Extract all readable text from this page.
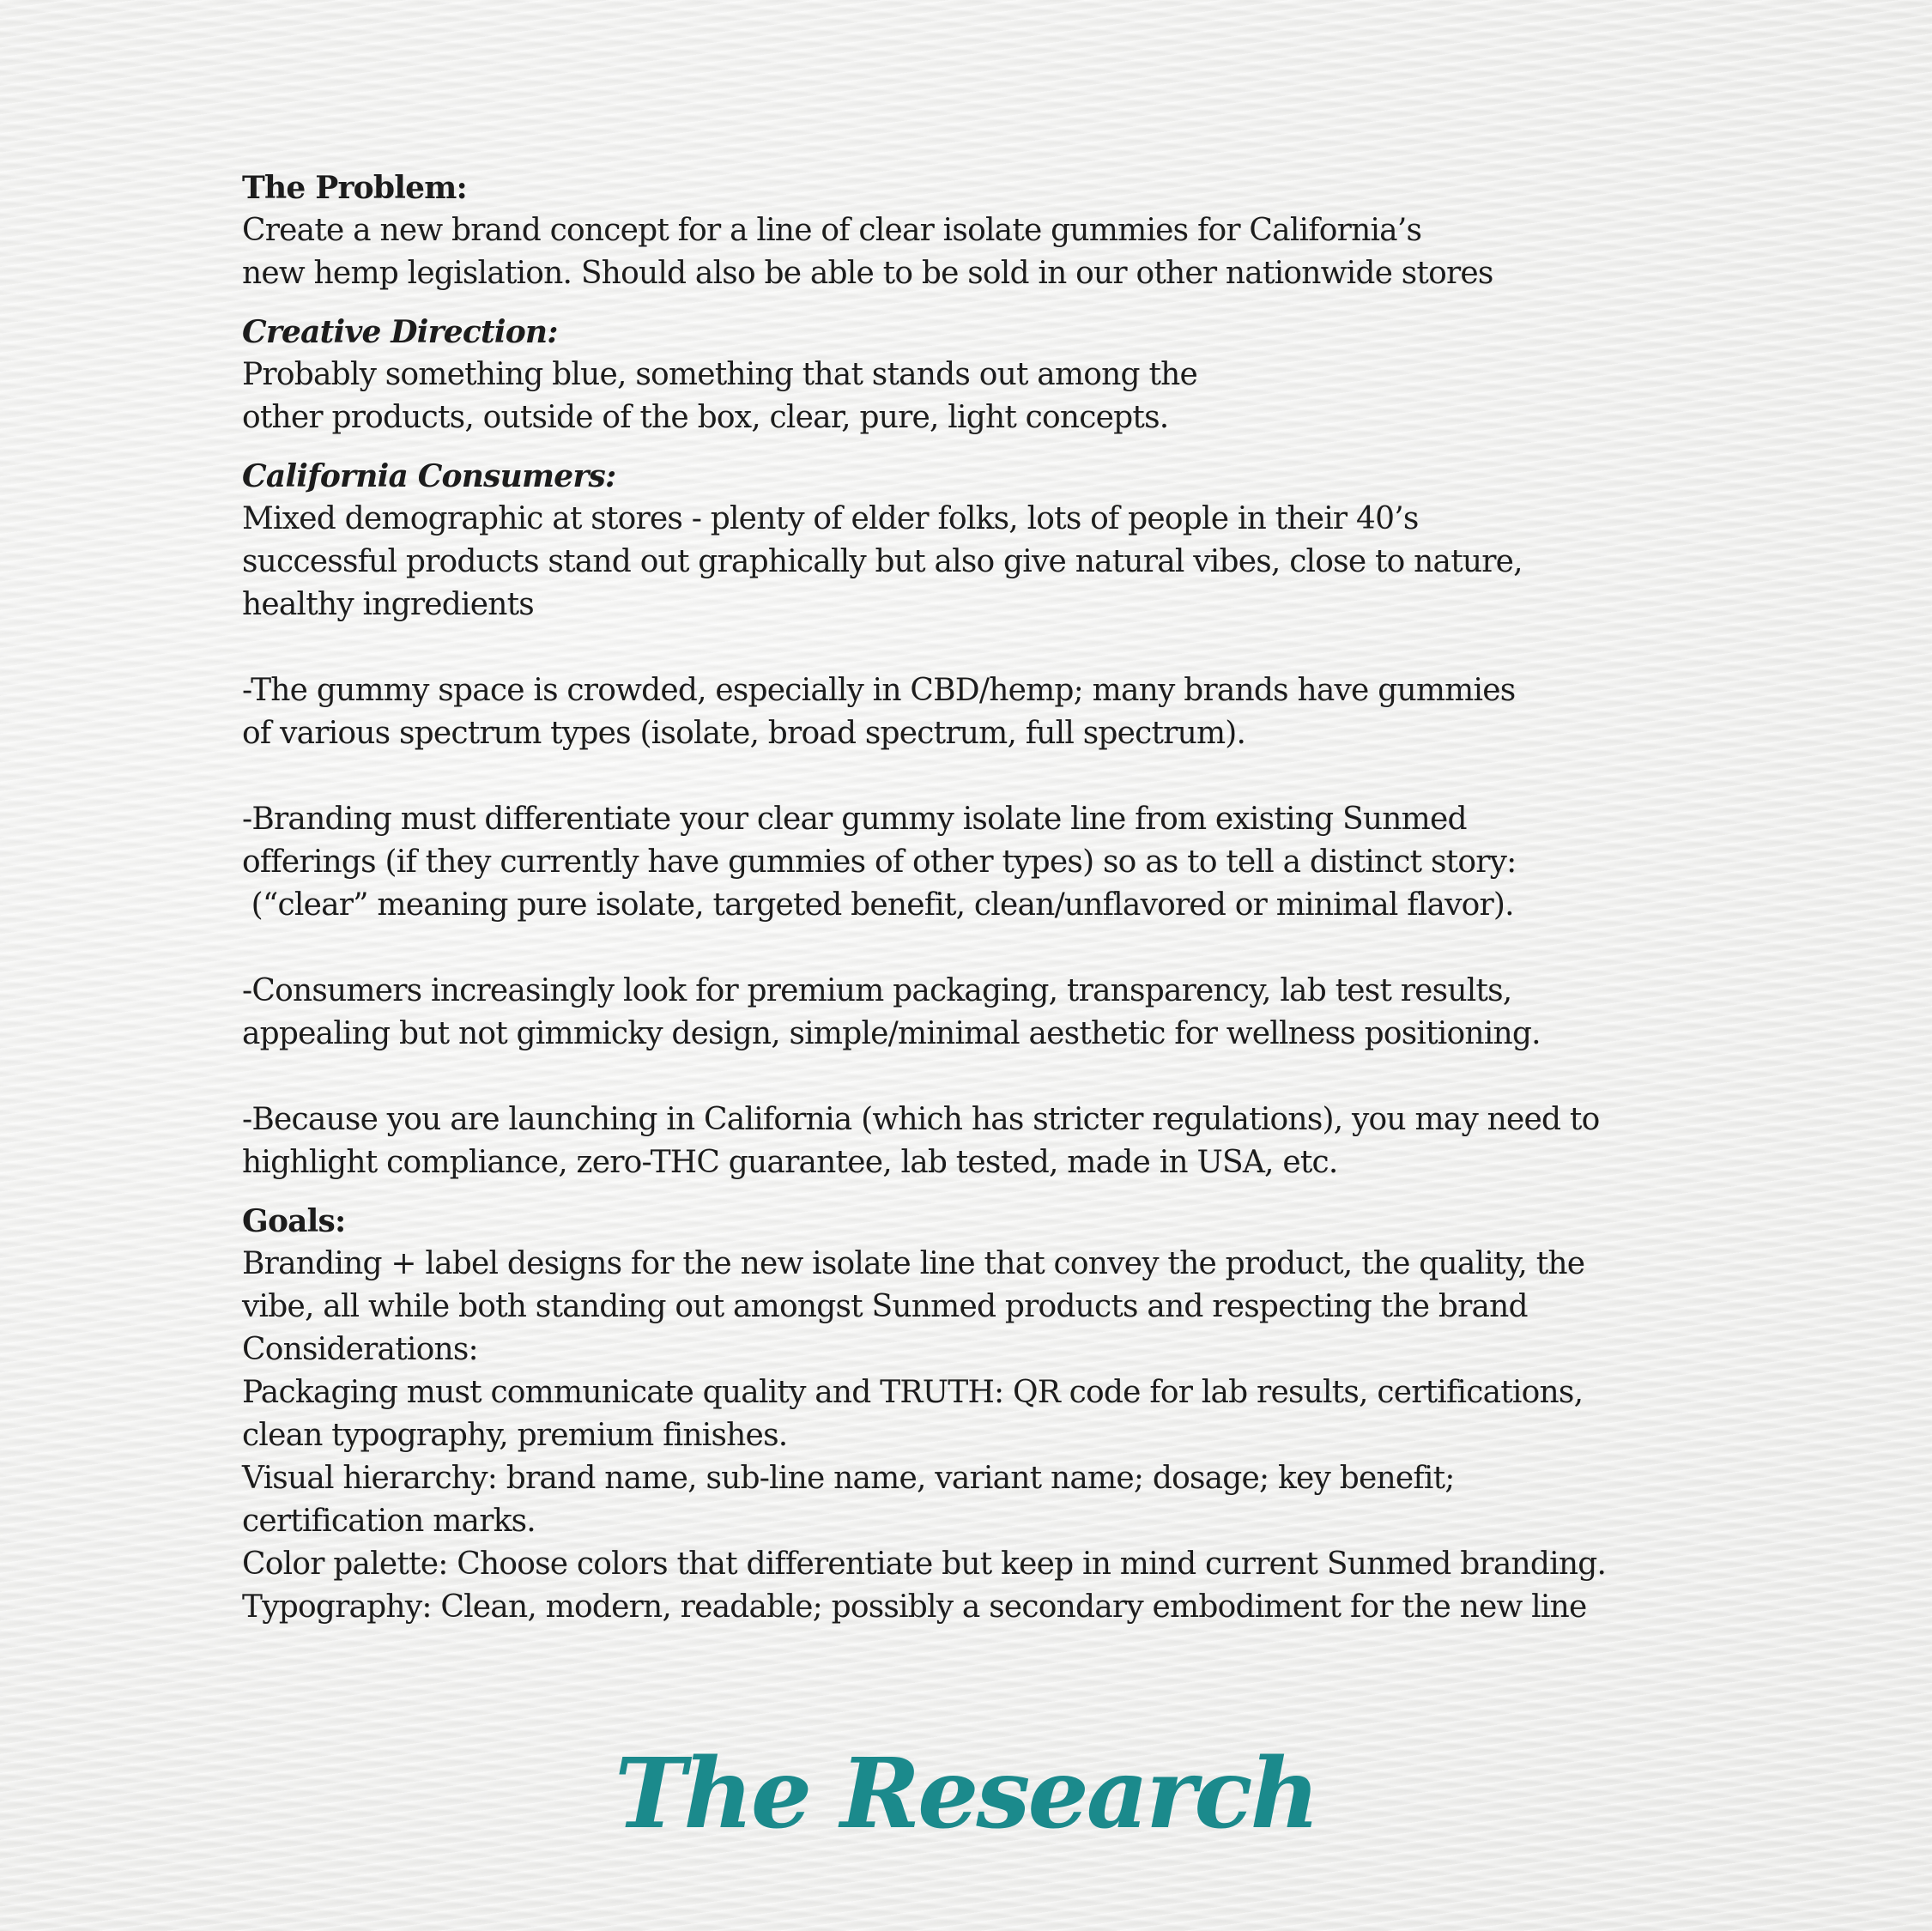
The Problem:
Create a new brand concept for a line of clear isolate gummies for California’s
new hemp legislation. Should also be able to be sold in our other nationwide stores
Creative Direction:
Probably something blue, something that stands out among the
other products, outside of the box, clear, pure, light concepts.
California Consumers:
Mixed demographic at stores - plenty of elder folks, lots of people in their 40’s
successful products stand out graphically but also give natural vibes, close to nature,
healthy ingredients
-The gummy space is crowded, especially in CBD/hemp; many brands have gummies
of various spectrum types (isolate, broad spectrum, full spectrum).
-Branding must differentiate your clear gummy isolate line from existing Sunmed
offerings (if they currently have gummies of other types) so as to tell a distinct story:
(“clear” meaning pure isolate, targeted benefit, clean/unflavored or minimal flavor).
-Consumers increasingly look for premium packaging, transparency, lab test results,
appealing but not gimmicky design, simple/minimal aesthetic for wellness positioning.
-Because you are launching in California (which has stricter regulations), you may need to
highlight compliance, zero-THC guarantee, lab tested, made in USA, etc.
Goals:
Branding + label designs for the new isolate line that convey the product, the quality, the
vibe, all while both standing out amongst Sunmed products and respecting the brand
Considerations:
Packaging must communicate quality and TRUTH: QR code for lab results, certifications,
clean typography, premium finishes.
Visual hierarchy: brand name, sub-line name, variant name; dosage; key benefit;
certification marks.
Color palette: Choose colors that differentiate but keep in mind current Sunmed branding.
Typography: Clean, modern, readable; possibly a secondary embodiment for the new line
The Research
